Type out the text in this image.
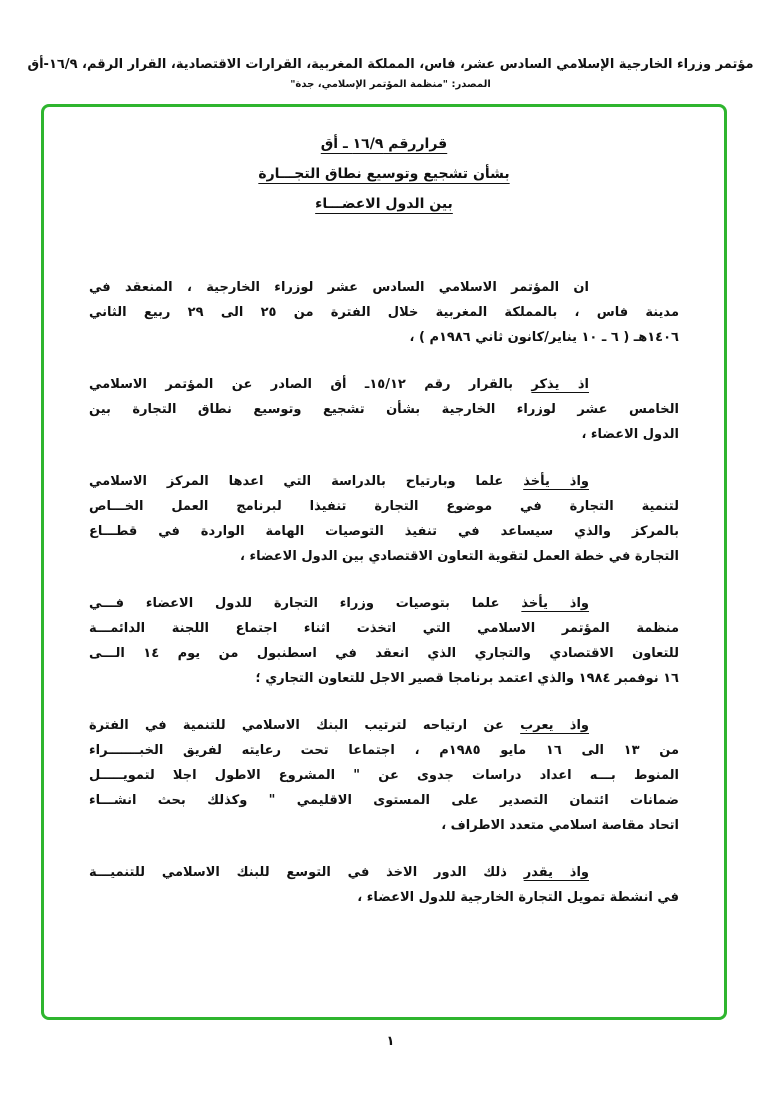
مؤتمر وزراء الخارجية الإسلامي السادس عشر، فاس، المملكة المغربية، القرارات الاقتصادية، القرار الرقم، ١٦/٩-أق
المصدر: "منظمة المؤتمر الإسلامي، جدة"
قراررقم ١٦/٩ ـ أق
بشأن تشجيع وتوسيع نطاق التجـــارة
بين الدول الاعضـــاء
ان المؤتمر الاسلامي السادس عشر لوزراء الخارجية ، المنعقد في
مدينة فاس ، بالمملكة المغربية خلال الفترة من ٢٥ الى ٢٩ ربيع الثاني
١٤٠٦هـ ( ٦ ـ ١٠ يناير/كانون ثاني ١٩٨٦م ) ،
اذ يذكر بالقرار رقم ١٥/١٢ـ أق الصادر عن المؤتمر الاسلامي
الخامس عشر لوزراء الخارجية بشأن تشجيع وتوسيع نطاق التجارة بين
الدول الاعضاء ،
واذ يأخذ علما وبارتياح بالدراسة التي اعدها المركز الاسلامي
لتنمية التجارة في موضوع التجارة تنفيذا لبرنامج العمل الخـــاص
بالمركز والذي سيساعد في تنفيذ التوصيات الهامة الواردة في قطـــاع
التجارة في خطة العمل لتقوية التعاون الاقتصادي بين الدول الاعضاء ،
واذ يأخذ علما بتوصيات وزراء التجارة للدول الاعضاء فـــي
منظمة المؤتمر الاسلامي التي اتخذت اثناء اجتماع اللجنة الدائمـــة
للتعاون الاقتصادي والتجاري الذي انعقد في اسطنبول من يوم ١٤ الـــى
١٦ نوفمبر ١٩٨٤ والذي اعتمد برنامجا قصير الاجل للتعاون التجاري ؛
واذ يعرب عن ارتياحه لترتيب البنك الاسلامي للتنمية في الفترة
من ١٣ الى ١٦ مايو ١٩٨٥م ، اجتماعا تحت رعايته لفريق الخبـــــــراء
المنوط بـــه اعداد دراسات جدوى عن " المشروع الاطول اجلا لتمويـــــل
ضمانات ائتمان التصدير على المستوى الاقليمي " وكذلك بحث انشـــاء
اتحاد مقاصة اسلامي متعدد الاطراف ،
واذ يقدر ذلك الدور الاخذ في التوسع للبنك الاسلامي للتنميـــة
في انشطة تمويل التجارة الخارجية للدول الاعضاء ،
١
